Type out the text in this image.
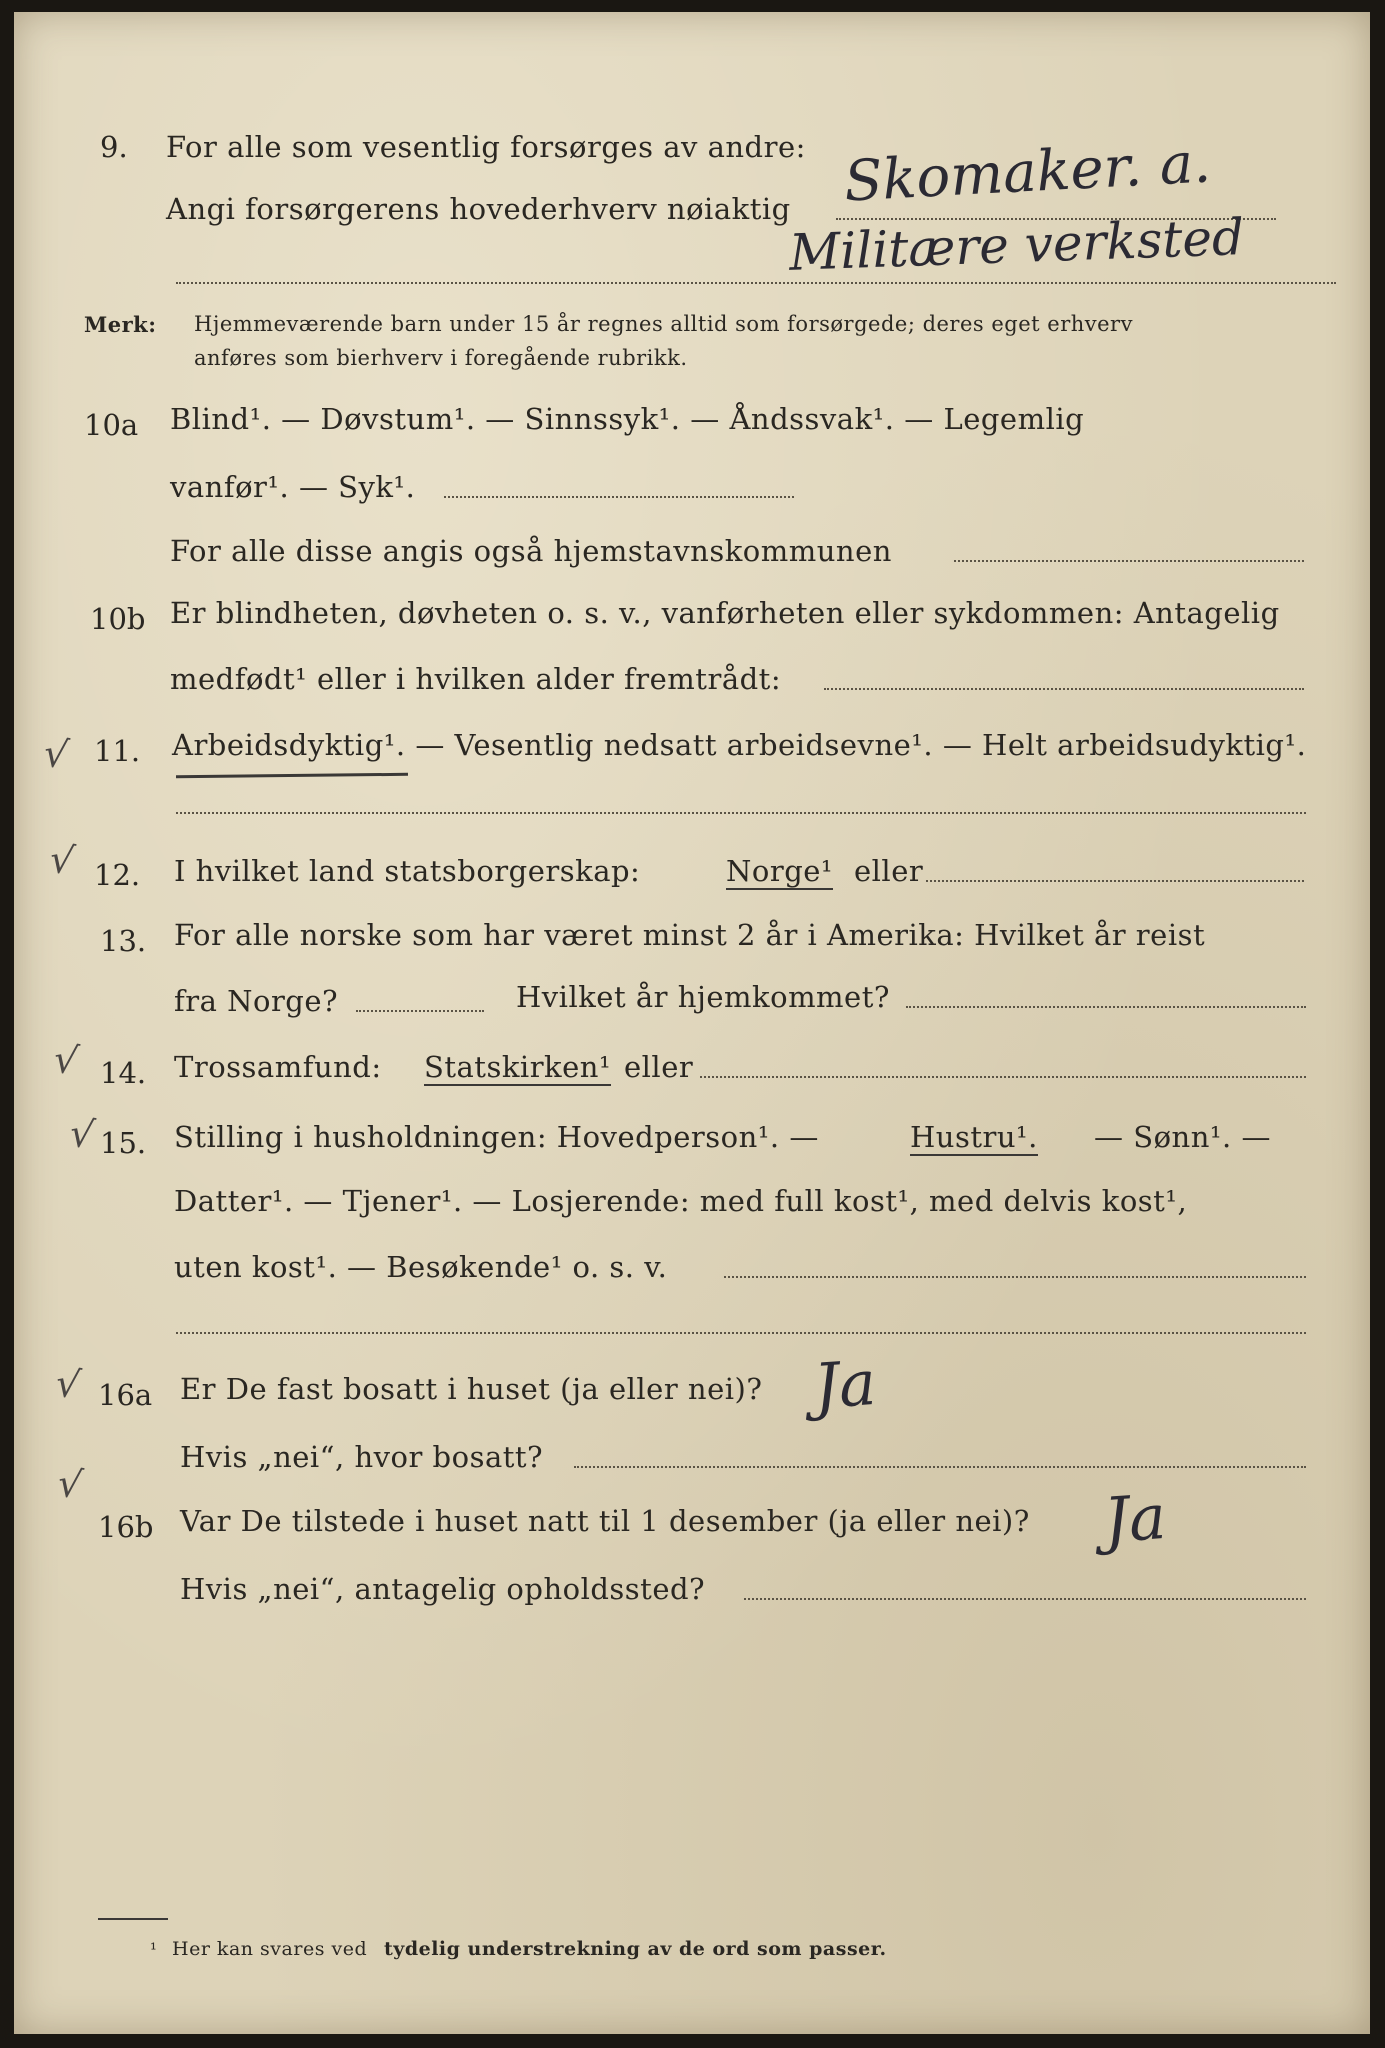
9. For alle som vesentlig forsørges av andre:
Angi forsørgerens hovederhverv nøiaktig Skomaker. a.
Militære verksted
Merk: Hjemmeværende barn under 15 år regnes alltid som forsørgede; deres eget erhverv
anføres som bierhverv i foregående rubrikk.
10a Blind¹. — Døvstum¹. — Sinnssyk¹. — Åndssvak¹. — Legemlig
vanfør¹. — Syk¹.
For alle disse angis også hjemstavnskommunen
10b Er blindheten, døvheten o. s. v., vanførheten eller sykdommen: Antagelig
medfødt¹ eller i hvilken alder fremtrådt:
√ 11. Arbeidsdyktig¹. — Vesentlig nedsatt arbeidsevne¹. — Helt arbeidsudyktig¹.
√ 12. I hvilket land statsborgerskap:	Norge¹ eller
13. For alle norske som har været minst 2 år i Amerika: Hvilket år reist
fra Norge?	Hvilket år hjemkommet?
√ 14. Trossamfund: Statskirken¹ eller
√ 15. Stilling i husholdningen: Hovedperson¹. —	Hustru¹. — Sønn¹. —
Datter¹. — Tjener¹. — Losjerende: med full kost¹, med delvis kost¹,
uten kost¹. — Besøkende¹ o. s. v.
√ 16a Er De fast bosatt i huset (ja eller nei)? Ja
Hvis „nei“, hvor bosatt?
√
16b Var De tilstede i huset natt til 1 desember (ja eller nei)? Ja
Hvis „nei“, antagelig opholdssted?
¹ Her kan svares ved tydelig understrekning av de ord som passer.
